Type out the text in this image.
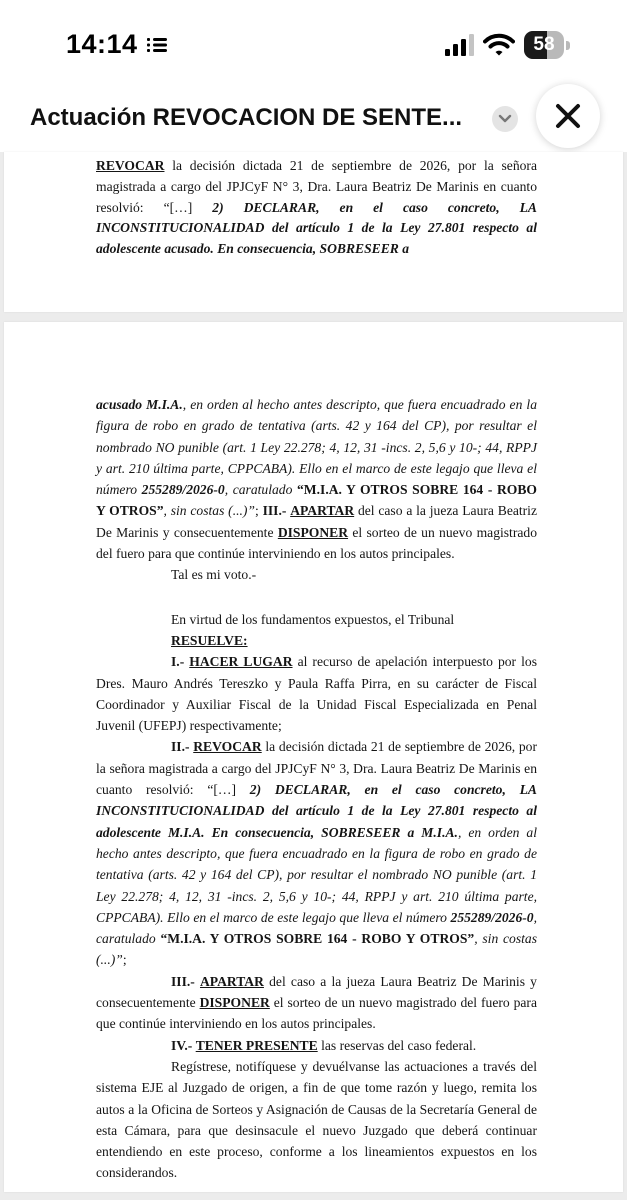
14:14	58
Actuación REVOCACION DE SENTE...

REVOCAR la decisión dictada 21 de septiembre de 2026, por la señora magistrada a cargo del JPJCyF N° 3, Dra. Laura Beatriz De Marinis en cuanto resolvió: “[…] 2) DECLARAR, en el caso concreto, LA INCONSTITUCIONALIDAD del artículo 1 de la Ley 27.801 respecto al adolescente acusado. En consecuencia, SOBRESEER a

acusado M.I.A., en orden al hecho antes descripto, que fuera encuadrado en la figura de robo en grado de tentativa (arts. 42 y 164 del CP), por resultar el nombrado NO punible (art. 1 Ley 22.278; 4, 12, 31 -incs. 2, 5,6 y 10-; 44, RPPJ y art. 210 última parte, CPPCABA). Ello en el marco de este legajo que lleva el número 255289/2026-0, caratulado “M.I.A. Y OTROS SOBRE 164 - ROBO Y OTROS”, sin costas (...)”; III.- APARTAR del caso a la jueza Laura Beatriz De Marinis y consecuentemente DISPONER el sorteo de un nuevo magistrado del fuero para que continúe interviniendo en los autos principales.

Tal es mi voto.-

En virtud de los fundamentos expuestos, el Tribunal

RESUELVE:

I.- HACER LUGAR al recurso de apelación interpuesto por los Dres. Mauro Andrés Tereszko y Paula Raffa Pirra, en su carácter de Fiscal Coordinador y Auxiliar Fiscal de la Unidad Fiscal Especializada en Penal Juvenil (UFEPJ) respectivamente;

II.- REVOCAR la decisión dictada 21 de septiembre de 2026, por la señora magistrada a cargo del JPJCyF N° 3, Dra. Laura Beatriz De Marinis en cuanto resolvió: “[…] 2) DECLARAR, en el caso concreto, LA INCONSTITUCIONALIDAD del artículo 1 de la Ley 27.801 respecto al adolescente M.I.A. En consecuencia, SOBRESEER a M.I.A., en orden al hecho antes descripto, que fuera encuadrado en la figura de robo en grado de tentativa (arts. 42 y 164 del CP), por resultar el nombrado NO punible (art. 1 Ley 22.278; 4, 12, 31 -incs. 2, 5,6 y 10-; 44, RPPJ y art. 210 última parte, CPPCABA). Ello en el marco de este legajo que lleva el número 255289/2026-0, caratulado “M.I.A. Y OTROS SOBRE 164 - ROBO Y OTROS”, sin costas (...)”;

III.- APARTAR del caso a la jueza Laura Beatriz De Marinis y consecuentemente DISPONER el sorteo de un nuevo magistrado del fuero para que continúe interviniendo en los autos principales.

IV.- TENER PRESENTE las reservas del caso federal.

Regístrese, notifíquese y devuélvanse las actuaciones a través del sistema EJE al Juzgado de origen, a fin de que tome razón y luego, remita los autos a la Oficina de Sorteos y Asignación de Causas de la Secretaría General de esta Cámara, para que desinsacule el nuevo Juzgado que deberá continuar entendiendo en este proceso, conforme a los lineamientos expuestos en los considerandos.
